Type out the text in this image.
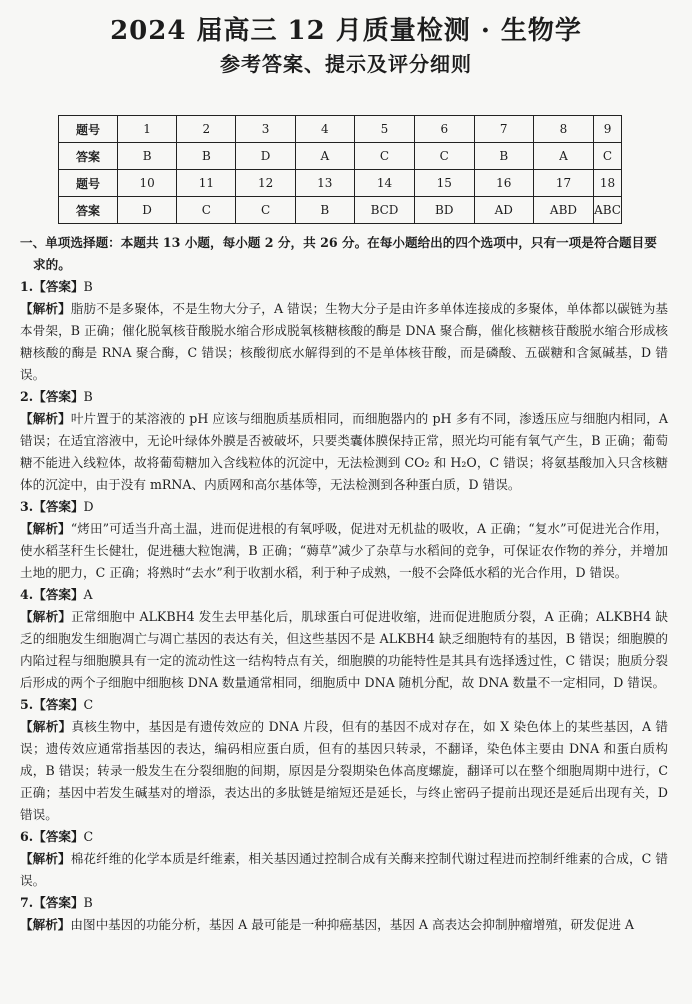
2024 届高三 12 月质量检测 · 生物学
参考答案、提示及评分细则
题号	1	2	3	4	5	6	7	8	9
答案	B	B	D	A	C	C	B	A	C
题号	10	11	12	13	14	15	16	17	18
答案	D	C	C	B	BCD	BD	AD	ABD	ABC

一、单项选择题：本题共 13 小题，每小题 2 分，共 26 分。在每小题给出的四个选项中，只有一项是符合题目要
求的。

1.【答案】B

【解析】脂肪不是多聚体，不是生物大分子，A 错误；生物大分子是由许多单体连接成的多聚体，单体都以碳链为基本骨架，B 正确；催化脱氧核苷酸脱水缩合形成脱氧核糖核酸的酶是 DNA 聚合酶，催化核糖核苷酸脱水缩合形成核糖核酸的酶是 RNA 聚合酶，C 错误；核酸彻底水解得到的不是单体核苷酸，而是磷酸、五碳糖和含氮碱基，D 错误。

2.【答案】B

【解析】叶片置于的某溶液的 pH 应该与细胞质基质相同，而细胞器内的 pH 多有不同，渗透压应与细胞内相同，A 错误；在适宜溶液中，无论叶绿体外膜是否被破坏，只要类囊体膜保持正常，照光均可能有氧气产生，B 正确；葡萄糖不能进入线粒体，故将葡萄糖加入含线粒体的沉淀中，无法检测到 CO₂ 和 H₂O，C 错误；将氨基酸加入只含核糖体的沉淀中，由于没有 mRNA、内质网和高尔基体等，无法检测到各种蛋白质，D 错误。

3.【答案】D

【解析】“烤田”可适当升高土温，进而促进根的有氧呼吸，促进对无机盐的吸收，A 正确；“复水”可促进光合作用，使水稻茎秆生长健壮，促进穗大粒饱满，B 正确；“薅草”减少了杂草与水稻间的竞争，可保证农作物的养分，并增加土地的肥力，C 正确；将熟时“去水”利于收割水稻，利于种子成熟，一般不会降低水稻的光合作用，D 错误。

4.【答案】A

【解析】正常细胞中 ALKBH4 发生去甲基化后，肌球蛋白可促进收缩，进而促进胞质分裂，A 正确；ALKBH4 缺乏的细胞发生细胞凋亡与凋亡基因的表达有关，但这些基因不是 ALKBH4 缺乏细胞特有的基因，B 错误；细胞膜的内陷过程与细胞膜具有一定的流动性这一结构特点有关，细胞膜的功能特性是其具有选择透过性，C 错误；胞质分裂后形成的两个子细胞中细胞核 DNA 数量通常相同，细胞质中 DNA 随机分配，故 DNA 数量不一定相同，D 错误。

5.【答案】C

【解析】真核生物中，基因是有遗传效应的 DNA 片段，但有的基因不成对存在，如 X 染色体上的某些基因，A 错误；遗传效应通常指基因的表达，编码相应蛋白质，但有的基因只转录，不翻译，染色体主要由 DNA 和蛋白质构成，B 错误；转录一般发生在分裂细胞的间期，原因是分裂期染色体高度螺旋，翻译可以在整个细胞周期中进行，C 正确；基因中若发生碱基对的增添，表达出的多肽链是缩短还是延长，与终止密码子提前出现还是延后出现有关，D 错误。

6.【答案】C

【解析】棉花纤维的化学本质是纤维素，相关基因通过控制合成有关酶来控制代谢过程进而控制纤维素的合成，C 错误。

7.【答案】B

【解析】由图中基因的功能分析，基因 A 最可能是一种抑癌基因，基因 A 高表达会抑制肿瘤增殖，研发促进 A
